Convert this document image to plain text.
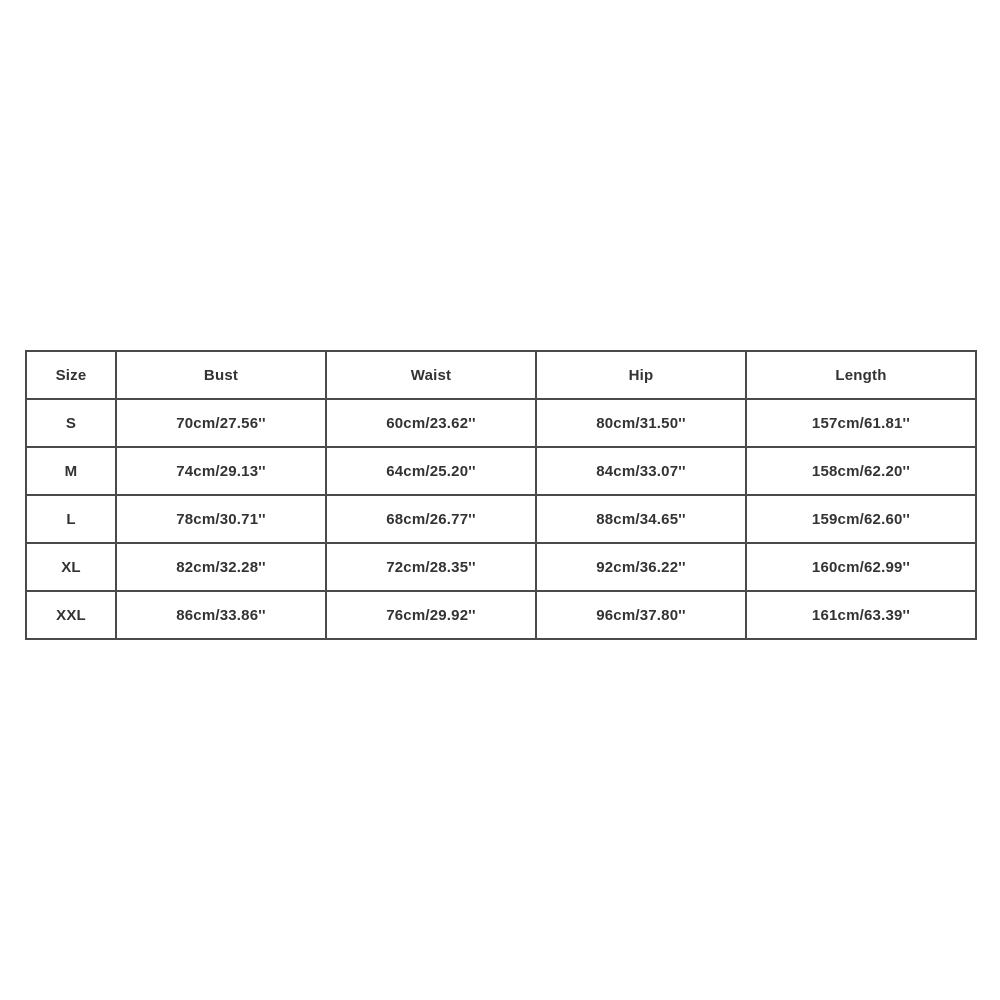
Size	Bust	Waist	Hip	Length
S	70cm/27.56''	60cm/23.62''	80cm/31.50''	157cm/61.81''
M	74cm/29.13''	64cm/25.20''	84cm/33.07''	158cm/62.20''
L	78cm/30.71''	68cm/26.77''	88cm/34.65''	159cm/62.60''
XL	82cm/32.28''	72cm/28.35''	92cm/36.22''	160cm/62.99''
XXL	86cm/33.86''	76cm/29.92''	96cm/37.80''	161cm/63.39''
